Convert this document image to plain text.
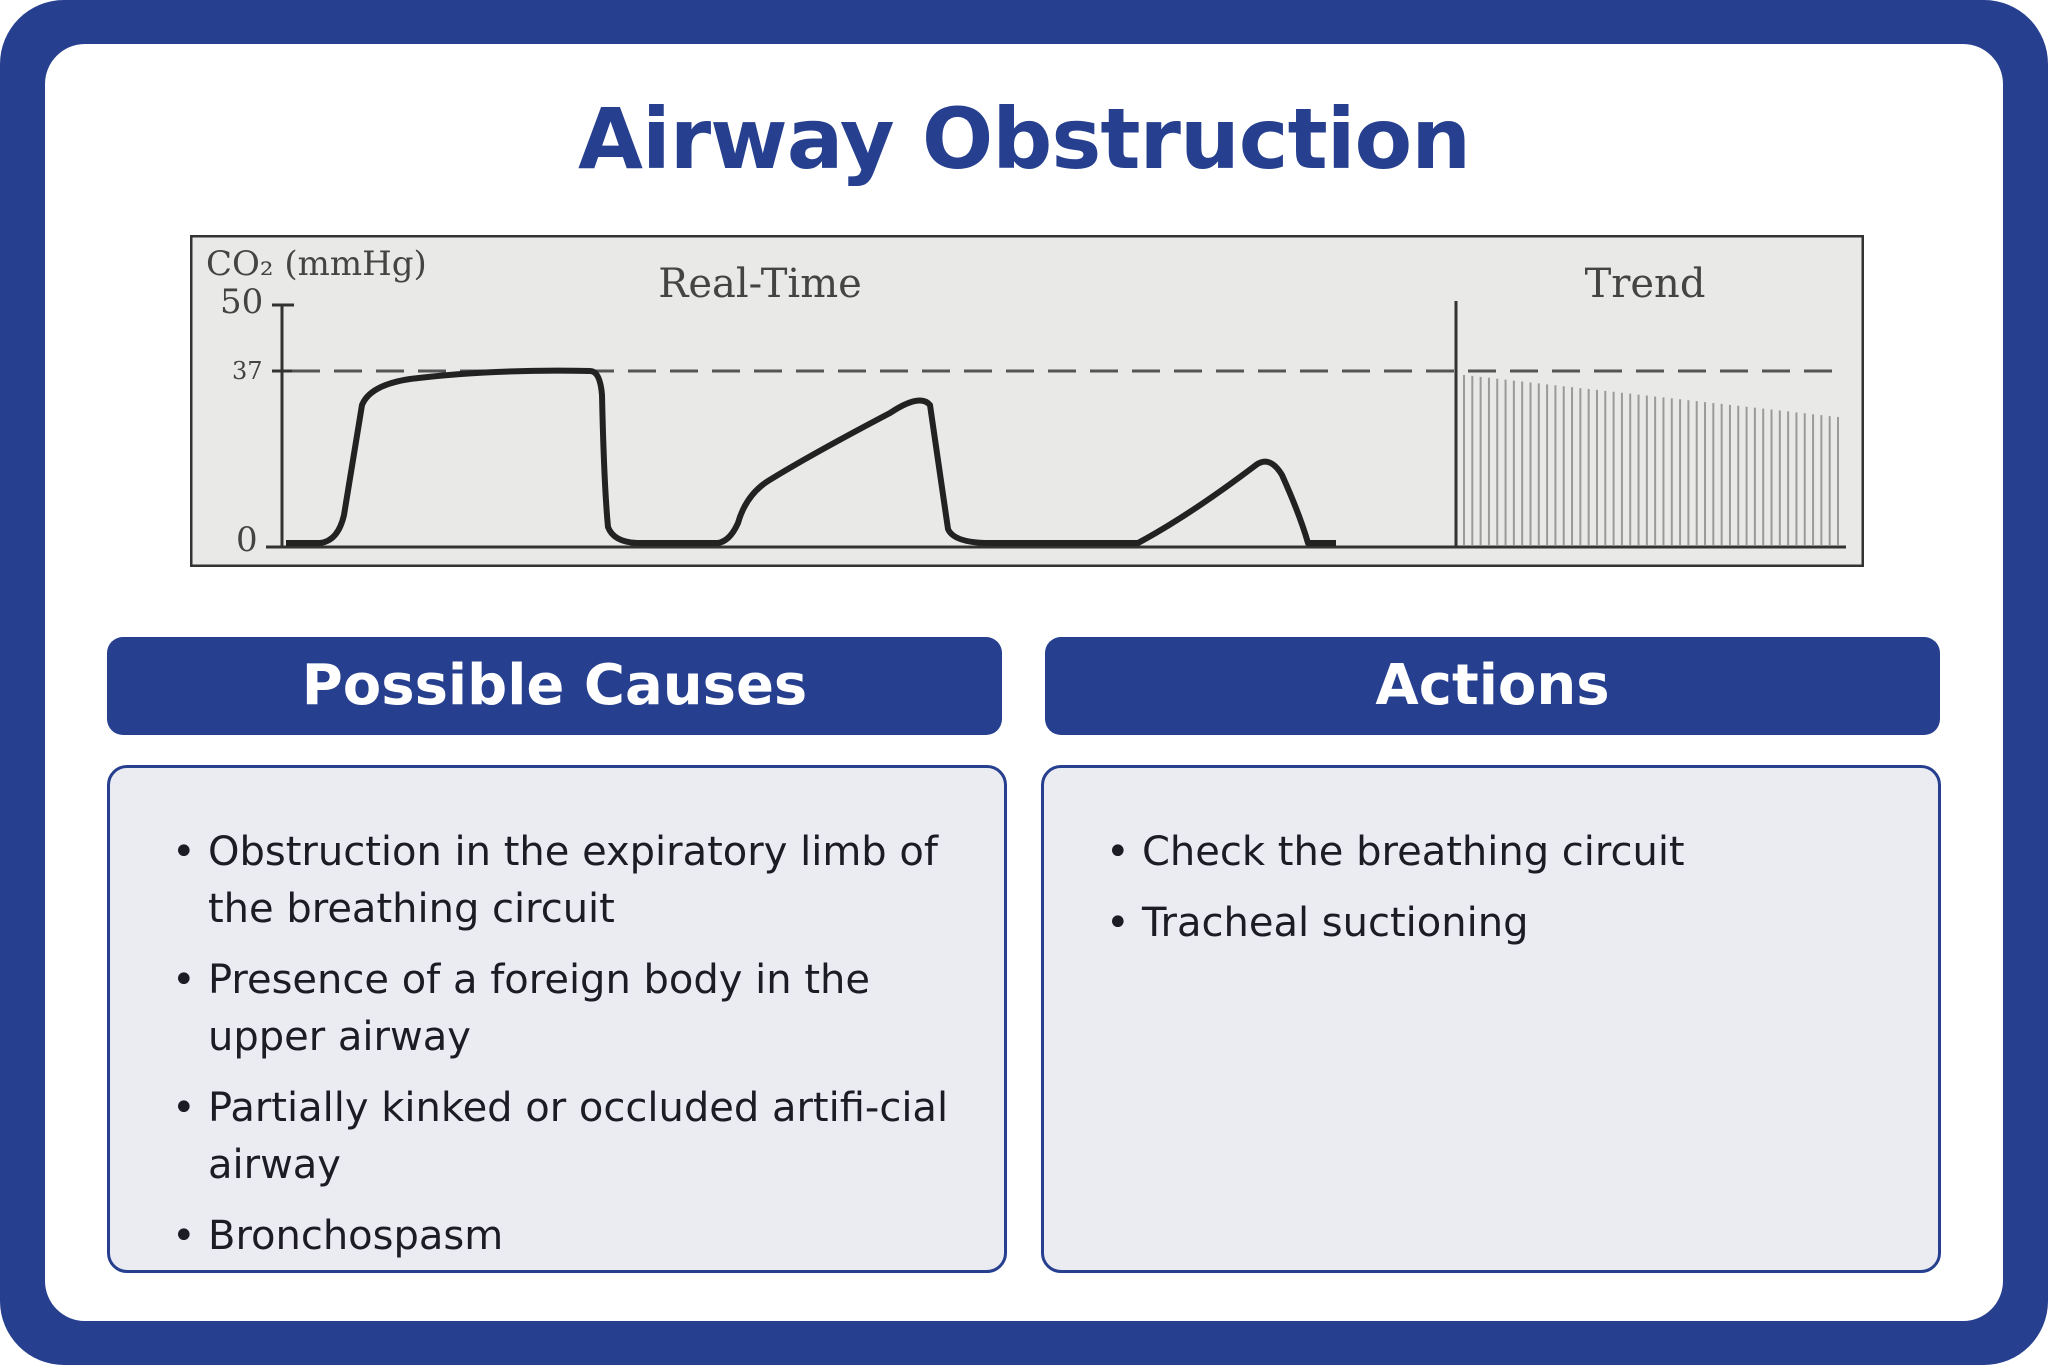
Airway Obstruction
CO₂ (mmHg)
50
37
0
Real-Time	Trend
Possible Causes	Actions
• Obstruction in the expiratory limb of the breathing circuit
• Presence of a foreign body in the upper airway
• Partially kinked or occluded artifi-cial airway
• Bronchospasm
• Check the breathing circuit
• Tracheal suctioning
